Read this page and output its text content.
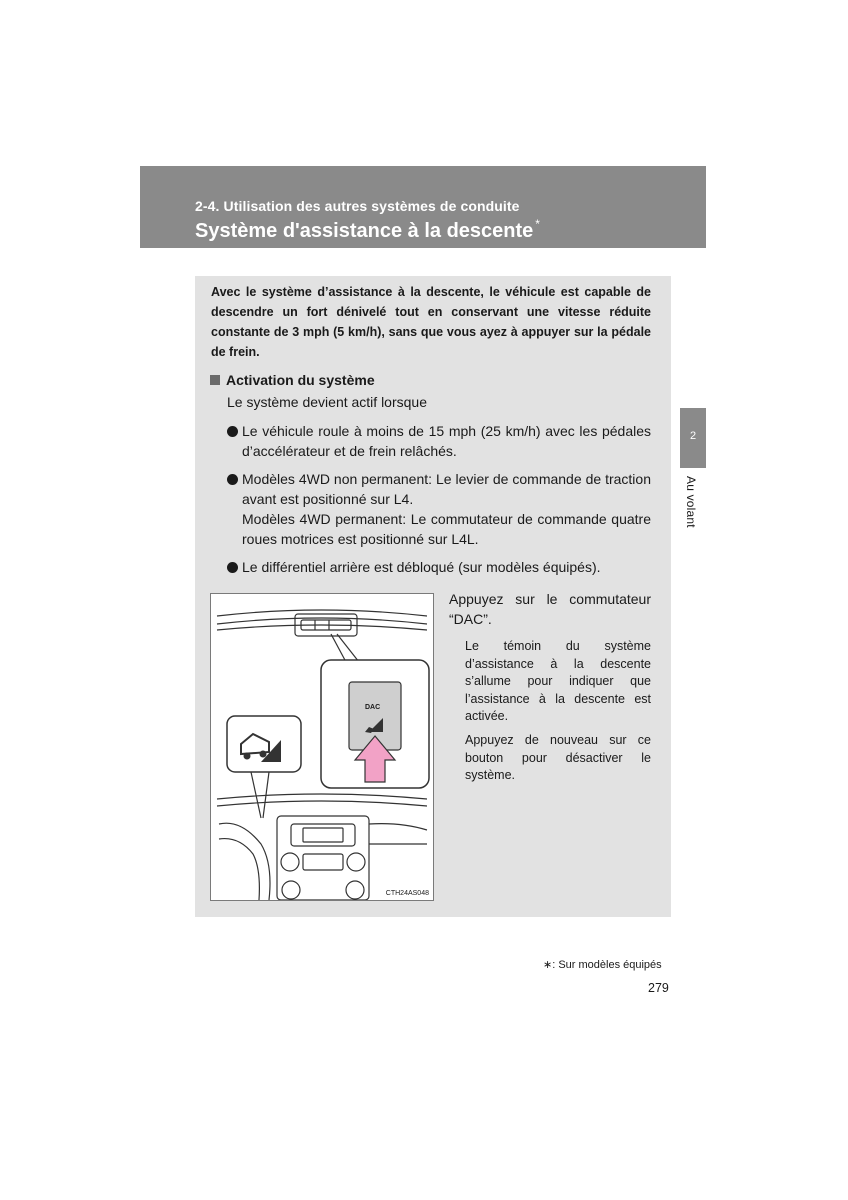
2-4. Utilisation des autres systèmes de conduite
Système d'assistance à la descente *
2
Au volant
Avec le système d’assistance à la descente, le véhicule est capable de descendre un fort dénivelé tout en conservant une vitesse réduite constante de 3 mph (5 km/h), sans que vous ayez à appuyer sur la pédale de frein.
Activation du système
Le système devient actif lorsque
Le véhicule roule à moins de 15 mph (25 km/h) avec les pédales d’accélérateur et de frein relâchés.
Modèles 4WD non permanent: Le levier de commande de traction avant est positionné sur L4.
Modèles 4WD permanent: Le commutateur de commande quatre roues motrices est positionné sur L4L.
Le différentiel arrière est débloqué (sur modèles équipés).
DAC
CTH24AS048
Appuyez sur le commutateur “DAC”.
Le témoin du système d’assistance à la descente s’allume pour indiquer que l’assistance à la descente est activée.
Appuyez de nouveau sur ce bouton pour désactiver le système.
∗: Sur modèles équipés
279
